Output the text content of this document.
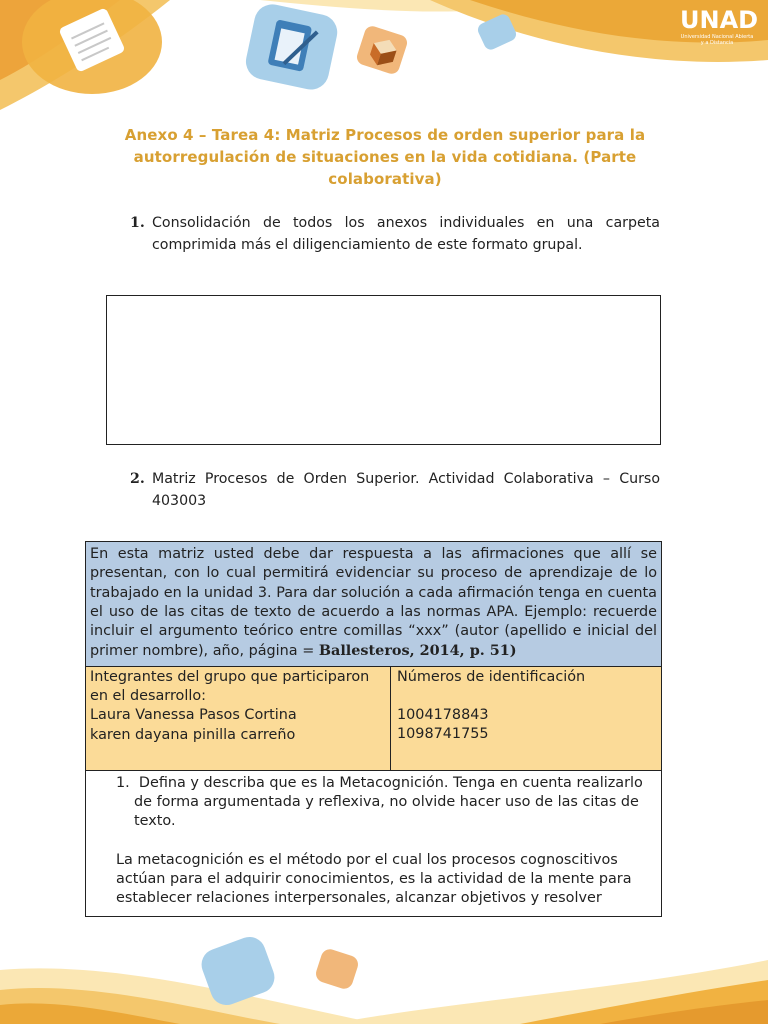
UNAD
Universidad Nacional Abierta y a Distancia
Anexo 4 – Tarea 4: Matriz Procesos de orden superior para la autorregulación de situaciones en la vida cotidiana. (Parte colaborativa)
1. Consolidación de todos los anexos individuales en una carpeta comprimida más el diligenciamiento de este formato grupal.
2. Matriz Procesos de Orden Superior. Actividad Colaborativa – Curso 403003
En esta matriz usted debe dar respuesta a las afirmaciones que allí se presentan, con lo cual permitirá evidenciar su proceso de aprendizaje de lo trabajado en la unidad 3. Para dar solución a cada afirmación tenga en cuenta el uso de las citas de texto de acuerdo a las normas APA. Ejemplo: recuerde incluir el argumento teórico entre comillas “xxx” (autor (apellido e inicial del primer nombre), año, página = Ballesteros, 2014, p. 51)
Integrantes del grupo que participaron en el desarrollo:
Laura Vanessa Pasos Cortina
karen dayana pinilla carreño
Números de identificación
1004178843
1098741755
1. Defina y describa que es la Metacognición. Tenga en cuenta realizarlo de forma argumentada y reflexiva, no olvide hacer uso de las citas de texto.
La metacognición es el método por el cual los procesos cognoscitivos actúan para el adquirir conocimientos, es la actividad de la mente para establecer relaciones interpersonales, alcanzar objetivos y resolver
